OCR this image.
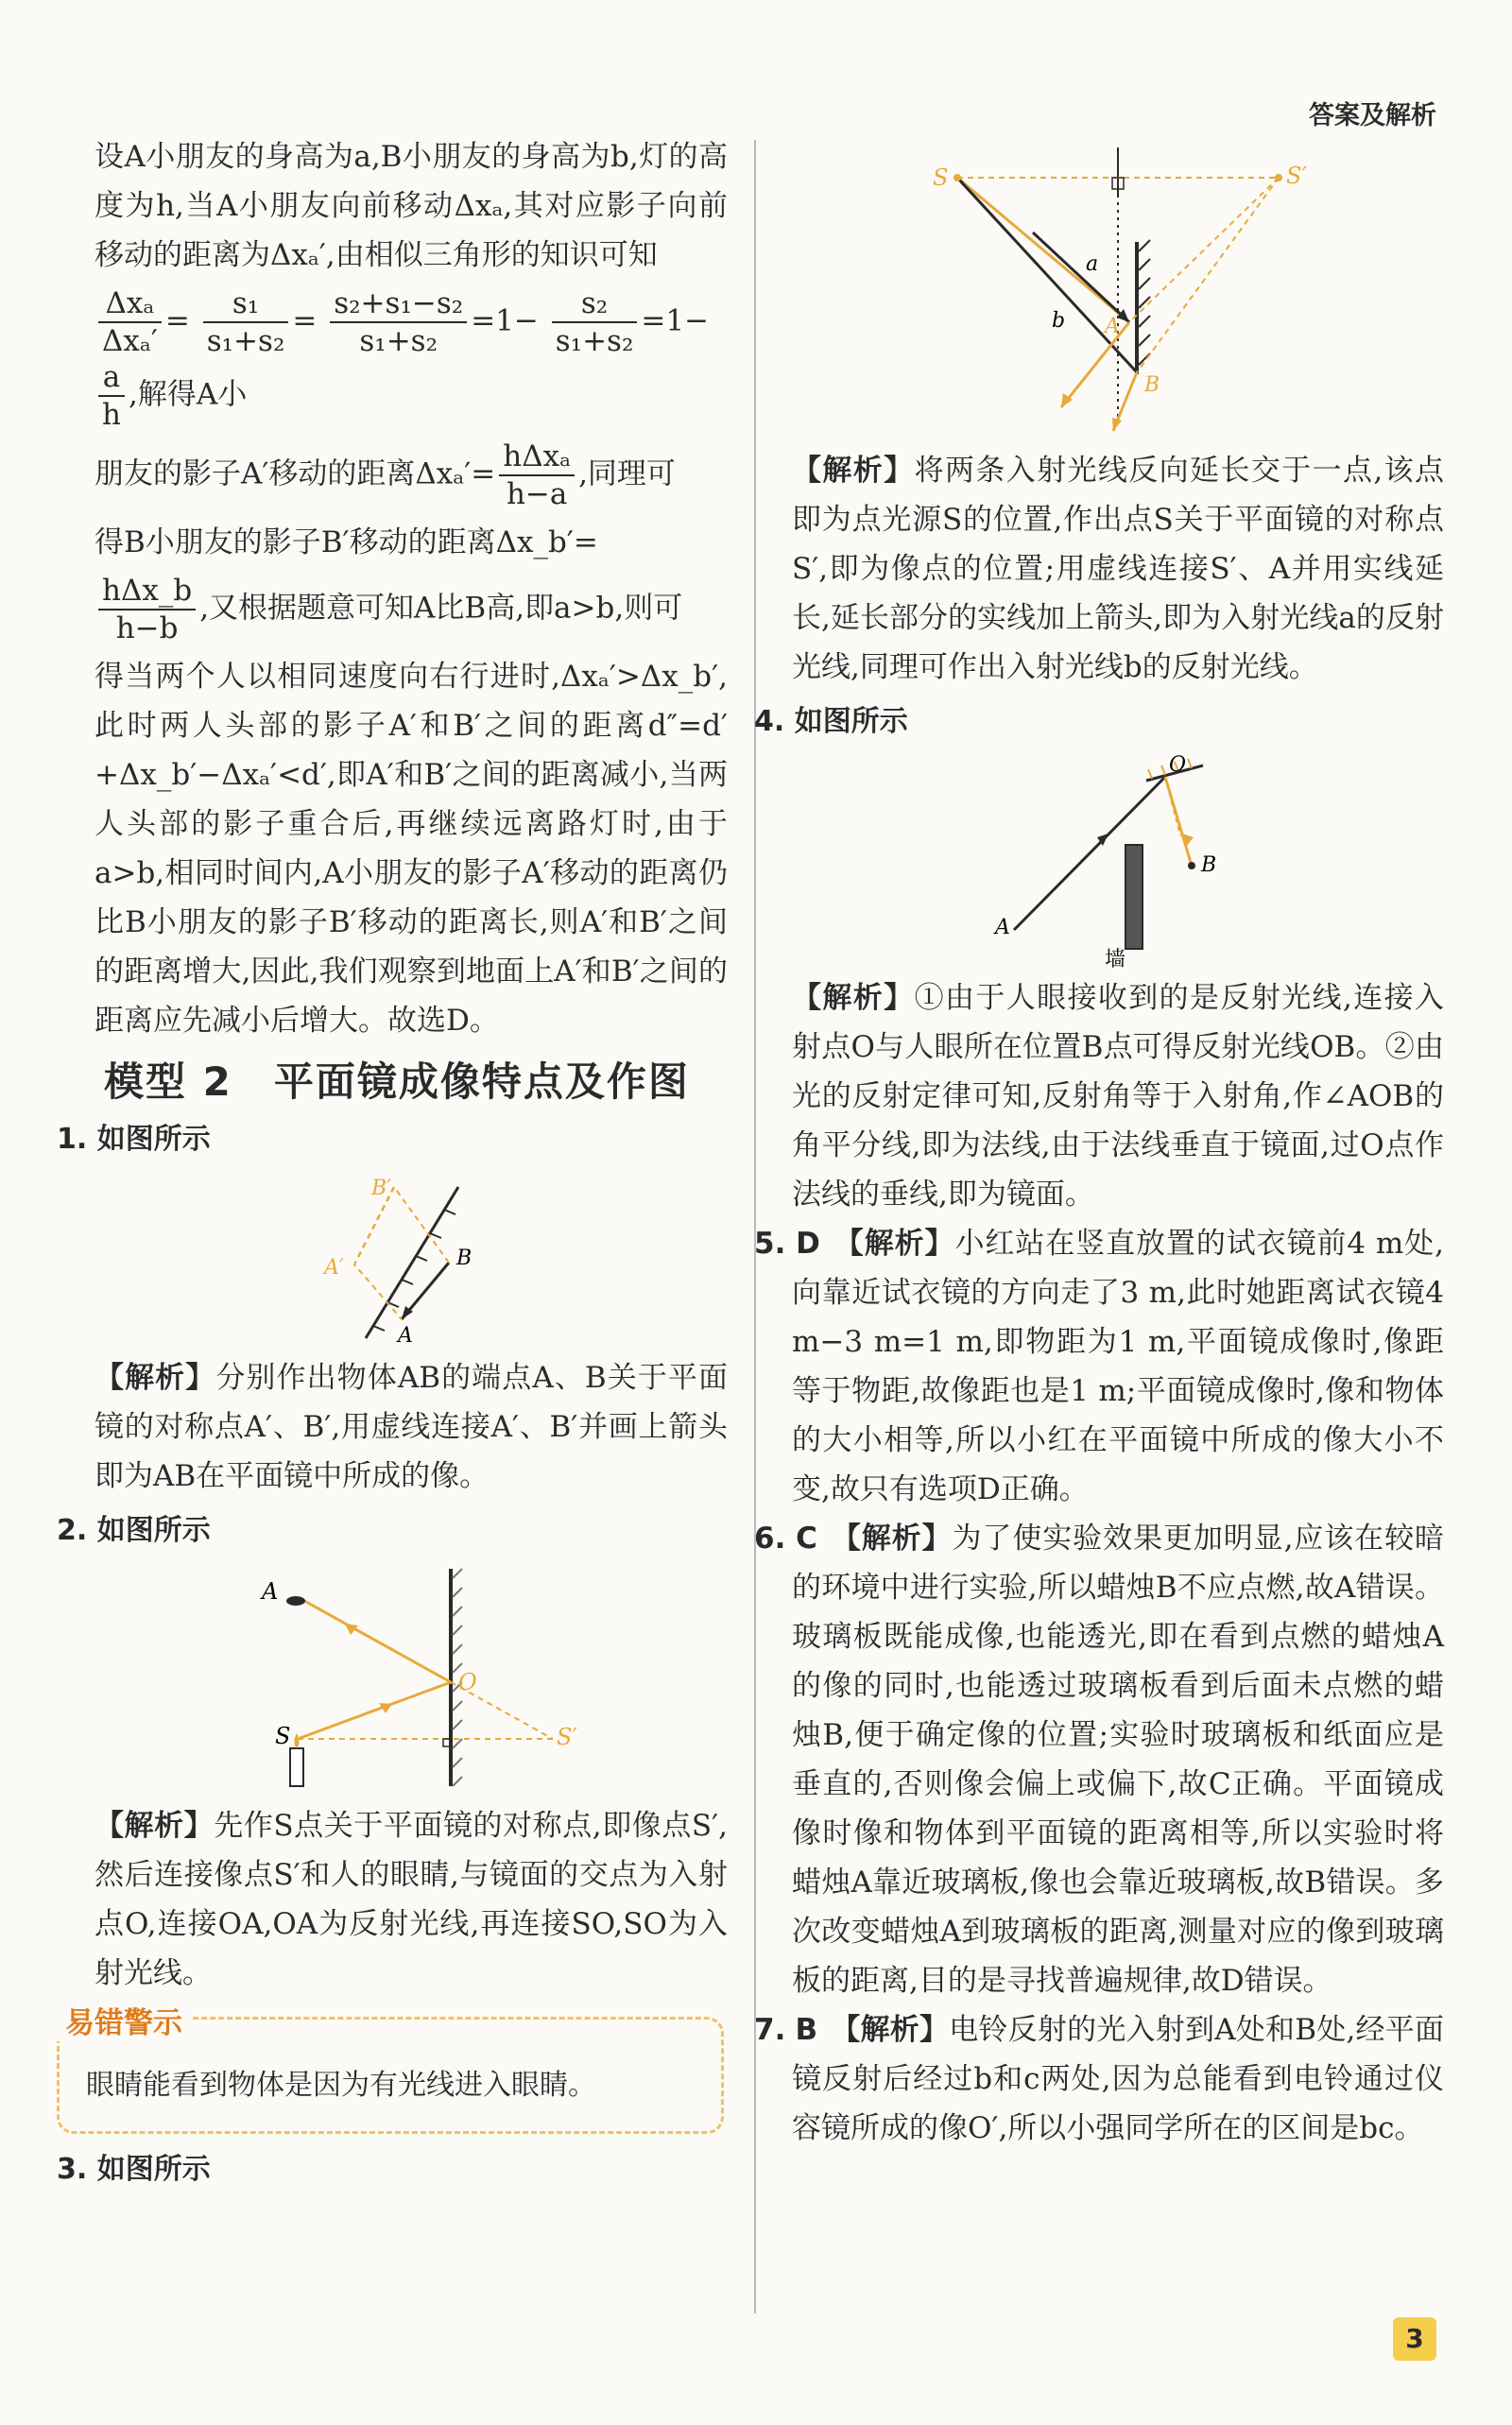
答案及解析

设A小朋友的身高为a,B小朋友的身高为b,灯的高度为h,当A小朋友向前移动Δxₐ,其对应影子向前移动的距离为Δxₐ′,由相似三角形的知识可知

$\frac{\text{Δxₐ}}{\text{Δxₐ′}} = \frac{\text{s₁}}{\text{s₁+s₂}} = \frac{\text{s₂+s₁−s₂}}{\text{s₁+s₂}} =1- \frac{\text{s₂}}{\text{s₁+s₂}} =1-$
$\frac{a}{h}$ ,解得A小
朋友的影子A′移动的距离$\Delta x_a'= \frac{\text{hΔxₐ}}{h-a}$ ,同理可

得B小朋友的影子B′移动的距离Δx_b′=

$\frac{\text{hΔx\_b}}{h-b}$ ,又根据题意可知A比B高,即a>b,则可

得当两个人以相同速度向右行进时,Δxₐ′>Δx_b′,此时两人头部的影子A′和B′之间的距离d″=d′+Δx_b′−Δxₐ′<d′,即A′和B′之间的距离减小,当两人头部的影子重合后,再继续远离路灯时,由于a>b,相同时间内,A小朋友的影子A′移动的距离仍比B小朋友的影子B′移动的距离长,则A′和B′之间的距离增大,因此,我们观察到地面上A′和B′之间的距离应先减小后增大。故选D。

模型 2　平面镜成像特点及作图
1. 如图所示
B′
A′	B
A

【解析】分别作出物体AB的端点A、B关于平面镜的对称点A′、B′,用虚线连接A′、B′并画上箭头即为AB在平面镜中所成的像。

2. 如图所示
A
O
S	S′

【解析】先作S点关于平面镜的对称点,即像点S′,然后连接像点S′和人的眼睛,与镜面的交点为入射点O,连接OA,OA为反射光线,再连接SO,SO为入射光线。

易错警示
眼睛能看到物体是因为有光线进入眼睛。
3. 如图所示
S	S′
a
b A
B

【解析】将两条入射光线反向延长交于一点,该点即为点光源S的位置,作出点S关于平面镜的对称点S′,即为像点的位置;用虚线连接S′、A并用实线延长,延长部分的实线加上箭头,即为入射光线a的反射光线,同理可作出入射光线b的反射光线。

4. 如图所示
O
A
B
墙

【解析】①由于人眼接收到的是反射光线,连接入射点O与人眼所在位置B点可得反射光线OB。②由光的反射定律可知,反射角等于入射角,作∠AOB的角平分线,即为法线,由于法线垂直于镜面,过O点作法线的垂线,即为镜面。

5. D 【解析】小红站在竖直放置的试衣镜前4 m处,向靠近试衣镜的方向走了3 m,此时她距离试衣镜4 m−3 m=1 m,即物距为1 m,平面镜成像时,像距等于物距,故像距也是1 m;平面镜成像时,像和物体的大小相等,所以小红在平面镜中所成的像大小不变,故只有选项D正确。

6. C 【解析】为了使实验效果更加明显,应该在较暗的环境中进行实验,所以蜡烛B不应点燃,故A错误。玻璃板既能成像,也能透光,即在看到点燃的蜡烛A的像的同时,也能透过玻璃板看到后面未点燃的蜡烛B,便于确定像的位置;实验时玻璃板和纸面应是垂直的,否则像会偏上或偏下,故C正确。平面镜成像时像和物体到平面镜的距离相等,所以实验时将蜡烛A靠近玻璃板,像也会靠近玻璃板,故B错误。多次改变蜡烛A到玻璃板的距离,测量对应的像到玻璃板的距离,目的是寻找普遍规律,故D错误。

7. B 【解析】电铃反射的光入射到A处和B处,经平面镜反射后经过b和c两处,因为总能看到电铃通过仪容镜所成的像O′,所以小强同学所在的区间是bc。

3
